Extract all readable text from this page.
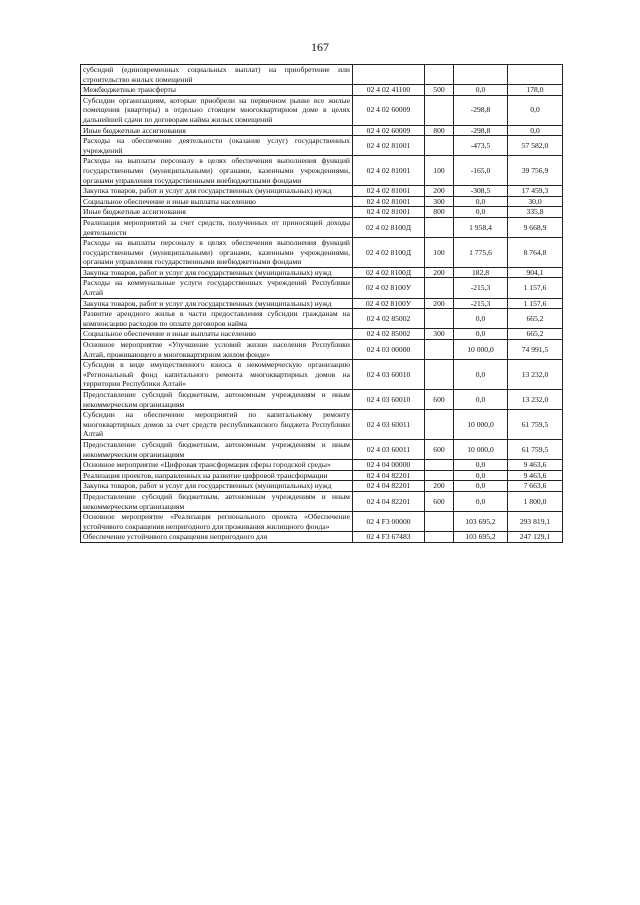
167
субсидий (единовременных социальных выплат) на приобретение или строительство жилых помещений				
Межбюджетные трансферты	02 4 02 41100	500	0,0	178,0
Субсидии организациям, которые приобрели на первичном рынке все жилые помещения (квартиры) в отдельно стоящем многоквартирном доме в целях дальнейшей сдачи по договорам найма жилых помещений	02 4 02 60009		-298,8	0,0
Иные бюджетные ассигнования	02 4 02 60009	800	-298,8	0,0
Расходы на обеспечение деятельности (оказание услуг) государственных учреждений	02 4 02 81001		-473,5	57 582,0
Расходы на выплаты персоналу в целях обеспечения выполнения функций государственными (муниципальными) органами, казенными учреждениями, органами управления государственными внебюджетными фондами	02 4 02 81001	100	-165,0	39 756,9
Закупка товаров, работ и услуг для государственных (муниципальных) нужд	02 4 02 81001	200	-308,5	17 459,3
Социальное обеспечение и иные выплаты населению	02 4 02 81001	300	0,0	30,0
Иные бюджетные ассигнования	02 4 02 81001	800	0,0	335,8
Реализация мероприятий за счет средств, полученных от приносящей доходы деятельности	02 4 02 8100Д		1 958,4	9 668,9
Расходы на выплаты персоналу в целях обеспечения выполнения функций государственными (муниципальными) органами, казенными учреждениями, органами управления государственными внебюджетными фондами	02 4 02 8100Д	100	1 775,6	8 764,8
Закупка товаров, работ и услуг для государственных (муниципальных) нужд	02 4 02 8100Д	200	182,8	904,1
Расходы на коммунальные услуги государственных учреждений Республики Алтай	02 4 02 8100У		-215,3	1 157,6
Закупка товаров, работ и услуг для государственных (муниципальных) нужд	02 4 02 8100У	200	-215,3	1 157,6
Развитие арендного жилья в части предоставления субсидии гражданам на компенсацию расходов по оплате договоров найма	02 4 02 85002		0,0	665,2
Социальное обеспечение и иные выплаты населению	02 4 02 85002	300	0,0	665,2
Основное мероприятие «Улучшение условий жизни населения Республики Алтай, проживающего в многоквартирном жилом фонде»	02 4 03 00000		10 000,0	74 991,5
Субсидия в виде имущественного взноса в некоммерческую организацию «Региональный фонд капитального ремонта многоквартирных домов на территории Республики Алтай»	02 4 03 60010		0,0	13 232,0
Предоставление субсидий бюджетным, автономным учреждениям и иным некоммерческим организациям	02 4 03 60010	600	0,0	13 232,0
Субсидии на обеспечение мероприятий по капитальному ремонту многоквартирных домов за счет средств республиканского бюджета Республики Алтай	02 4 03 60011		10 000,0	61 759,5
Предоставление субсидий бюджетным, автономным учреждениям и иным некоммерческим организациям	02 4 03 60011	600	10 000,0	61 759,5
Основное мероприятие «Цифровая трансформация сферы городской среды»	02 4 04 00000		0,0	9 463,6
Реализация проектов, направленных на развитие цифровой трансформации	02 4 04 82201		0,0	9 463,6
Закупка товаров, работ и услуг для государственных (муниципальных) нужд	02 4 04 82201	200	0,0	7 663,6
Предоставление субсидий бюджетным, автономным учреждениям и иным некоммерческим организациям	02 4 04 82201	600	0,0	1 800,0
Основное мероприятие «Реализация регионального проекта «Обеспечение устойчивого сокращения непригодного для проживания жилищного фонда»	02 4 F3 00000		103 695,2	293 819,1
Обеспечение устойчивого сокращения непригодного для	02 4 F3 67483		103 695,2	247 129,1
